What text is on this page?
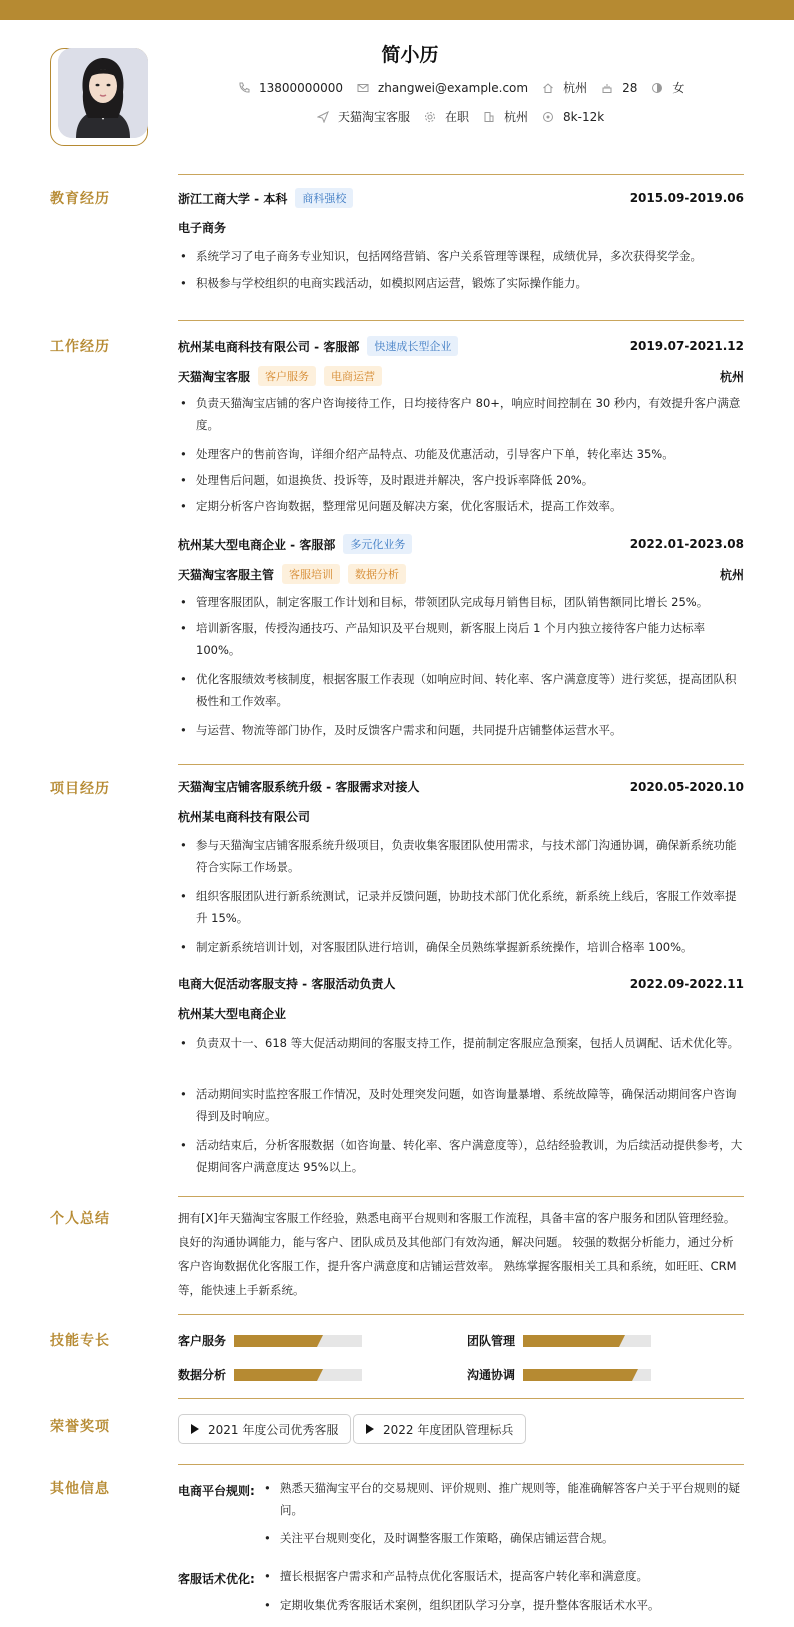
简小历
13800000000	zhangwei@example.com	杭州	28	女
天猫淘宝客服	在职	杭州	8k-12k
教育经历	浙江工商大学 - 本科	商科强校	2015.09-2019.06
电子商务
• 系统学习了电子商务专业知识，包括网络营销、客户关系管理等课程，成绩优异，多次获得奖学金。
• 积极参与学校组织的电商实践活动，如模拟网店运营，锻炼了实际操作能力。
工作经历	杭州某电商科技有限公司 - 客服部	快速成长型企业	2019.07-2021.12
天猫淘宝客服	客户服务	电商运营	杭州
• 负责天猫淘宝店铺的客户咨询接待工作，日均接待客户 80+，响应时间控制在 30 秒内，有效提升客户满意度。
• 处理客户的售前咨询，详细介绍产品特点、功能及优惠活动，引导客户下单，转化率达 35%。
• 处理售后问题，如退换货、投诉等，及时跟进并解决，客户投诉率降低 20%。
• 定期分析客户咨询数据，整理常见问题及解决方案，优化客服话术，提高工作效率。
杭州某大型电商企业 - 客服部	多元化业务	2022.01-2023.08
天猫淘宝客服主管	客服培训	数据分析	杭州
• 管理客服团队，制定客服工作计划和目标，带领团队完成每月销售目标，团队销售额同比增长 25%。
• 培训新客服，传授沟通技巧、产品知识及平台规则，新客服上岗后 1 个月内独立接待客户能力达标率 100%。
• 优化客服绩效考核制度，根据客服工作表现（如响应时间、转化率、客户满意度等）进行奖惩，提高团队积极性和工作效率。
• 与运营、物流等部门协作，及时反馈客户需求和问题，共同提升店铺整体运营水平。
项目经历	天猫淘宝店铺客服系统升级 - 客服需求对接人	2020.05-2020.10
杭州某电商科技有限公司
• 参与天猫淘宝店铺客服系统升级项目，负责收集客服团队使用需求，与技术部门沟通协调，确保新系统功能符合实际工作场景。
• 组织客服团队进行新系统测试，记录并反馈问题，协助技术部门优化系统，新系统上线后，客服工作效率提升 15%。
• 制定新系统培训计划，对客服团队进行培训，确保全员熟练掌握新系统操作，培训合格率 100%。
电商大促活动客服支持 - 客服活动负责人	2022.09-2022.11
杭州某大型电商企业
• 负责双十一、618 等大促活动期间的客服支持工作，提前制定客服应急预案，包括人员调配、话术优化等。
• 活动期间实时监控客服工作情况，及时处理突发问题，如咨询量暴增、系统故障等，确保活动期间客户咨询得到及时响应。
• 活动结束后，分析客服数据（如咨询量、转化率、客户满意度等），总结经验教训，为后续活动提供参考，大促期间客户满意度达 95%以上。
个人总结	拥有[X]年天猫淘宝客服工作经验，熟悉电商平台规则和客服工作流程，具备丰富的客户服务和团队管理经验。 良好的沟通协调能力，能与客户、团队成员及其他部门有效沟通，解决问题。 较强的数据分析能力，通过分析客户咨询数据优化客服工作，提升客户满意度和店铺运营效率。 熟练掌握客服相关工具和系统，如旺旺、CRM 等，能快速上手新系统。
技能专长	客户服务	团队管理
数据分析	沟通协调
荣誉奖项	2021 年度公司优秀客服	2022 年度团队管理标兵
其他信息	电商平台规则:	• 熟悉天猫淘宝平台的交易规则、评价规则、推广规则等，能准确解答客户关于平台规则的疑问。
• 关注平台规则变化，及时调整客服工作策略，确保店铺运营合规。
客服话术优化:	• 擅长根据客户需求和产品特点优化客服话术，提高客户转化率和满意度。
• 定期收集优秀客服话术案例，组织团队学习分享，提升整体客服话术水平。
